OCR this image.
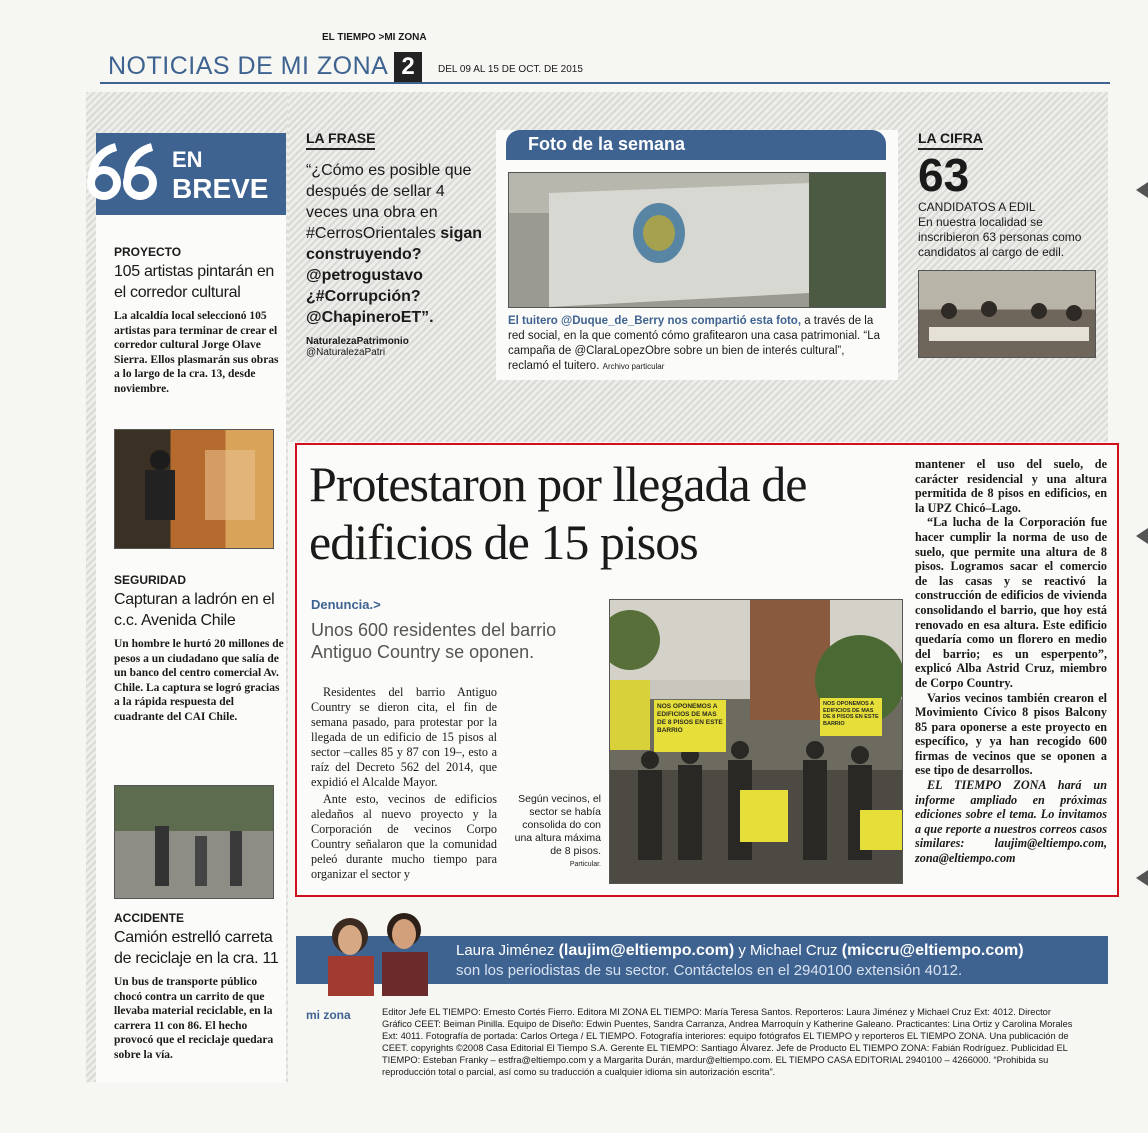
EL TIEMPO >MI ZONA
NOTICIAS DE MI ZONA 2	DEL 09 AL 15 DE OCT. DE 2015
EN
BREVE
PROYECTO
105 artistas pintarán en el corredor cultural
La alcaldía local seleccionó 105 artistas para terminar de crear el corredor cultural Jorge Olave Sierra. Ellos plasmarán sus obras a lo largo de la cra. 13, desde noviembre.
SEGURIDAD
Capturan a ladrón en el c.c. Avenida Chile
Un hombre le hurtó 20 millones de pesos a un ciudadano que salía de un banco del centro comercial Av. Chile. La captura se logró gracias a la rápida respuesta del cuadrante del CAI Chile.
ACCIDENTE
Camión estrelló carreta de reciclaje en la cra. 11
Un bus de transporte público chocó contra un carrito de que llevaba material reciclable, en la carrera 11 con 86. El hecho provocó que el reciclaje quedara sobre la vía.
LA FRASE

“¿Cómo es posible que después de sellar 4 veces una obra en #CerrosOrientales sigan construyendo? @petrogustavo ¿#Corrupción? @ChapineroET”.

NaturalezaPatrimonio
@NaturalezaPatri
Foto de la semana

El tuitero @Duque_de_Berry nos compartió esta foto, a través de la red social, en la que comentó cómo grafitearon una casa patrimonial. “La campaña de @ClaraLopezObre sobre un bien de interés cultural”, reclamó el tuitero. Archivo particular

LA CIFRA
63
CANDIDATOS A EDIL
En nuestra localidad se inscribieron 63 personas como candidatos al cargo de edil.
Protestaron por llegada de edificios de 15 pisos
Denuncia.>
Unos 600 residentes del barrio Antiguo Country se oponen.

Residentes del barrio Antiguo Country se dieron cita, el fin de semana pasado, para protestar por la llegada de un edificio de 15 pisos al sector –calles 85 y 87 con 19–, esto a raíz del Decreto 562 del 2014, que expidió el Alcalde Mayor.

Ante esto, vecinos de edificios aledaños al nuevo proyecto y la Corporación de vecinos Corpo Country señalaron que la comunidad peleó durante mucho tiempo para organizar el sector y

Según vecinos, el sector se había consolida do con una altura máxima de 8 pisos.
Particular.
NOS OPONEMOS A EDIFICIOS DE MAS DE 8 PISOS EN ESTE BARRIO
NOS OPONEMOS A EDIFICIOS DE MAS DE 8 PISOS EN ESTE BARRIO

mantener el uso del suelo, de carácter residencial y una altura permitida de 8 pisos en edificios, en la UPZ Chicó–Lago.

“La lucha de la Corporación fue hacer cumplir la norma de uso de suelo, que permite una altura de 8 pisos. Logramos sacar el comercio de las casas y se reactivó la construcción de edificios de vivienda consolidando el barrio, que hoy está renovado en esa altura. Este edificio quedaría como un florero en medio del barrio; es un esperpento”, explicó Alba Astrid Cruz, miembro de Corpo Country.

Varios vecinos también crearon el Movimiento Cívico 8 pisos Balcony 85 para oponerse a este proyecto en específico, y ya han recogido 600 firmas de vecinos que se oponen a ese tipo de desarrollos.

EL TIEMPO ZONA hará un informe ampliado en próximas ediciones sobre el tema. Lo invitamos a que reporte a nuestros correos casos similares: laujim@eltiempo.com, zona@eltiempo.com

Laura Jiménez (laujim@eltiempo.com) y Michael Cruz (miccru@eltiempo.com)
son los periodistas de su sector. Contáctelos en el 2940100 extensión 4012.
mi zona	Editor Jefe EL TIEMPO: Ernesto Cortés Fierro. Editora MI ZONA EL TIEMPO: María Teresa Santos. Reporteros: Laura Jiménez y Michael Cruz Ext: 4012. Director Gráfico CEET: Beiman Pinilla. Equipo de Diseño: Edwin Puentes, Sandra Carranza, Andrea Marroquín y Katherine Galeano. Practicantes: Lina Ortiz y Carolina Morales Ext: 4011. Fotografía de portada: Carlos Ortega / EL TIEMPO. Fotografía interiores: equipo fotógrafos EL TIEMPO y reporteros EL TIEMPO ZONA. Una publicación de CEET. copyrights ©2008 Casa Editorial El Tiempo S.A. Gerente EL TIEMPO: Santiago Álvarez. Jefe de Producto EL TIEMPO ZONA: Fabián Rodríguez. Publicidad EL TIEMPO: Esteban Franky – estfra@eltiempo.com y a Margarita Durán, mardur@eltiempo.com. EL TIEMPO CASA EDITORIAL 2940100 – 4266000. “Prohibida su reproducción total o parcial, así como su traducción a cualquier idioma sin autorización escrita”.
